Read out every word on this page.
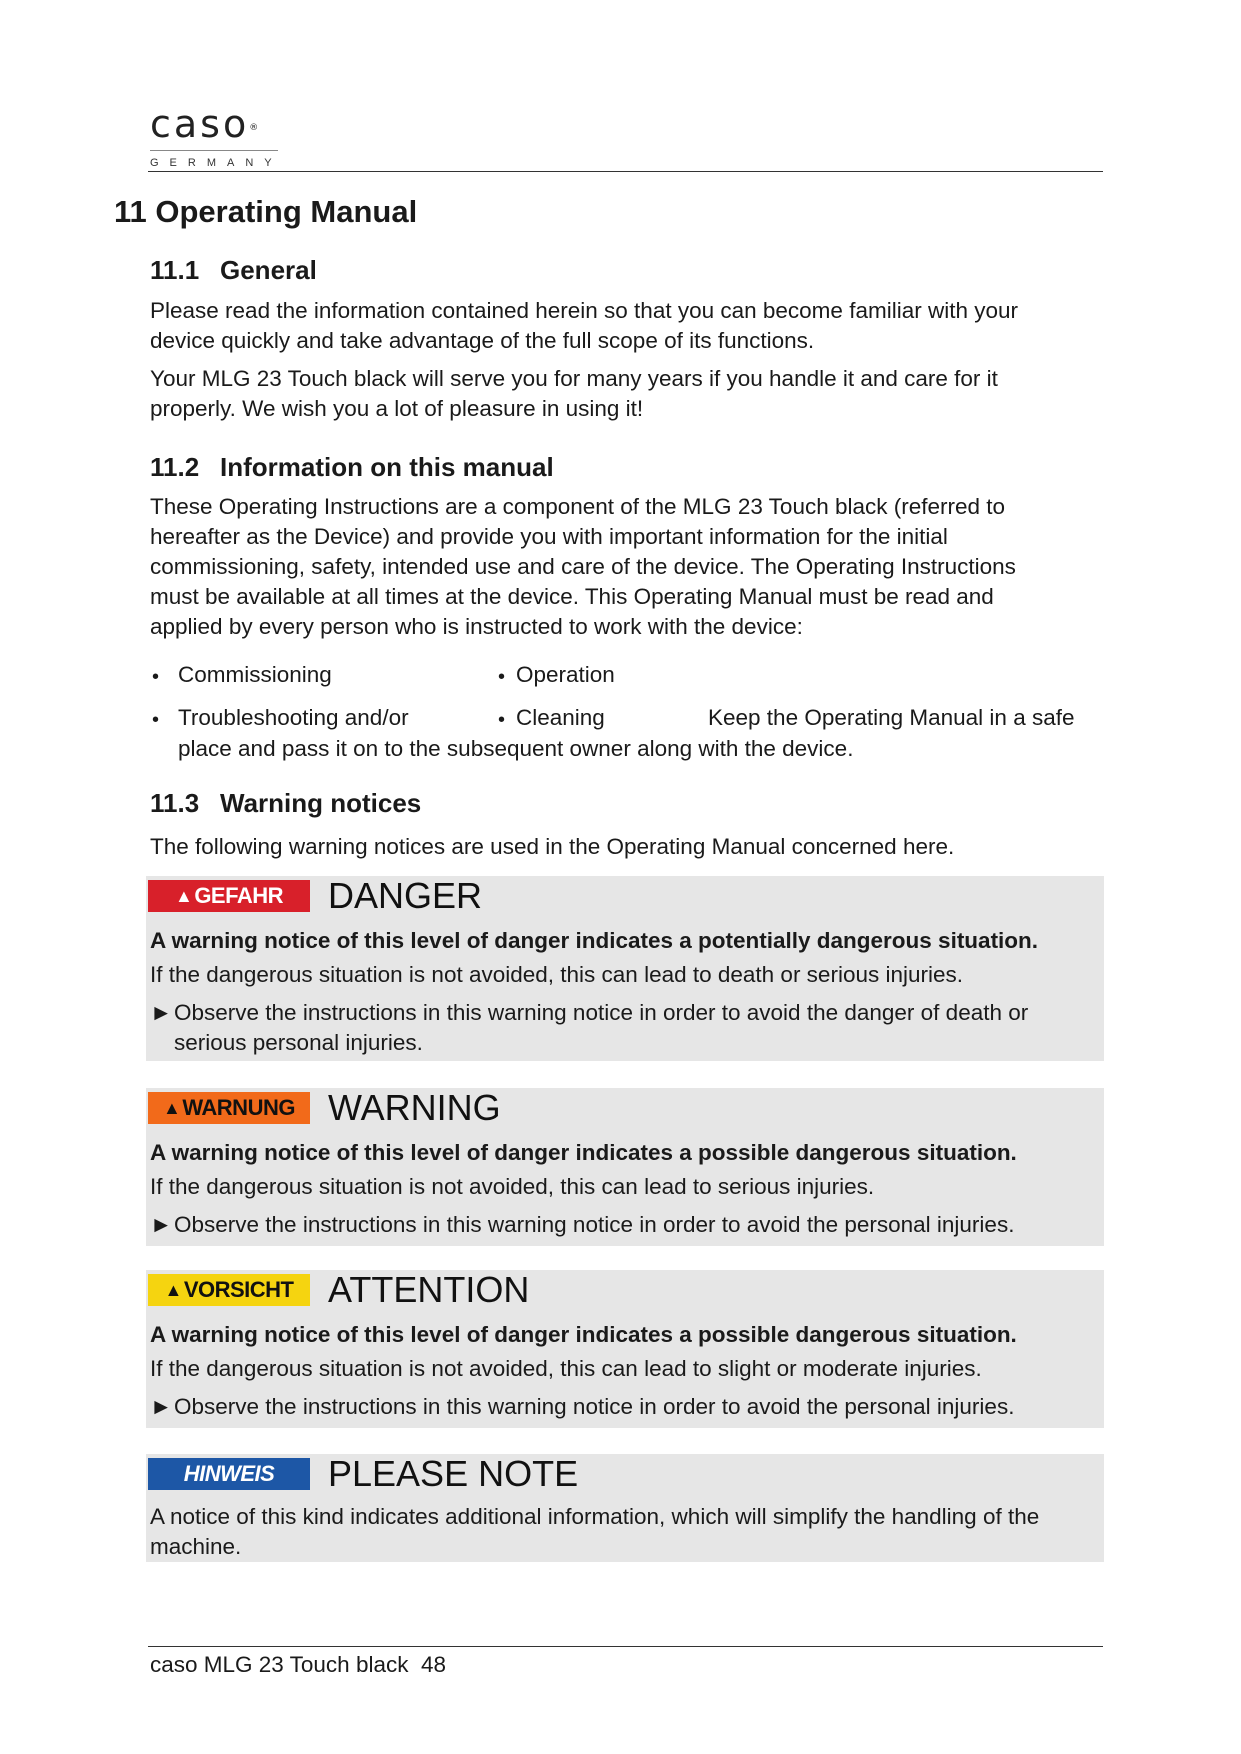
caso®
GERMANY
11 Operating Manual
11.1 General
Please read the information contained herein so that you can become familiar with your
device quickly and take advantage of the full scope of its functions.
Your MLG 23 Touch black will serve you for many years if you handle it and care for it
properly. We wish you a lot of pleasure in using it!
11.2 Information on this manual
These Operating Instructions are a component of the MLG 23 Touch black (referred to
hereafter as the Device) and provide you with important information for the initial
commissioning, safety, intended use and care of the device. The Operating Instructions
must be available at all times at the device. This Operating Manual must be read and
applied by every person who is instructed to work with the device:
• Commissioning	• Operation
• Troubleshooting and/or	• Cleaning	Keep the Operating Manual in a safe
place and pass it on to the subsequent owner along with the device.
11.3 Warning notices
The following warning notices are used in the Operating Manual concerned here.
▲ GEFAHR DANGER
A warning notice of this level of danger indicates a potentially dangerous situation.
If the dangerous situation is not avoided, this can lead to death or serious injuries.
►Observe the instructions in this warning notice in order to avoid the danger of death or
serious personal injuries.
▲ WARNUNG WARNING
A warning notice of this level of danger indicates a possible dangerous situation.
If the dangerous situation is not avoided, this can lead to serious injuries.
►Observe the instructions in this warning notice in order to avoid the personal injuries.
▲ VORSICHT ATTENTION
A warning notice of this level of danger indicates a possible dangerous situation.
If the dangerous situation is not avoided, this can lead to slight or moderate injuries.
►Observe the instructions in this warning notice in order to avoid the personal injuries.
HINWEIS	PLEASE NOTE
A notice of this kind indicates additional information, which will simplify the handling of the
machine.
caso MLG 23 Touch black 48
